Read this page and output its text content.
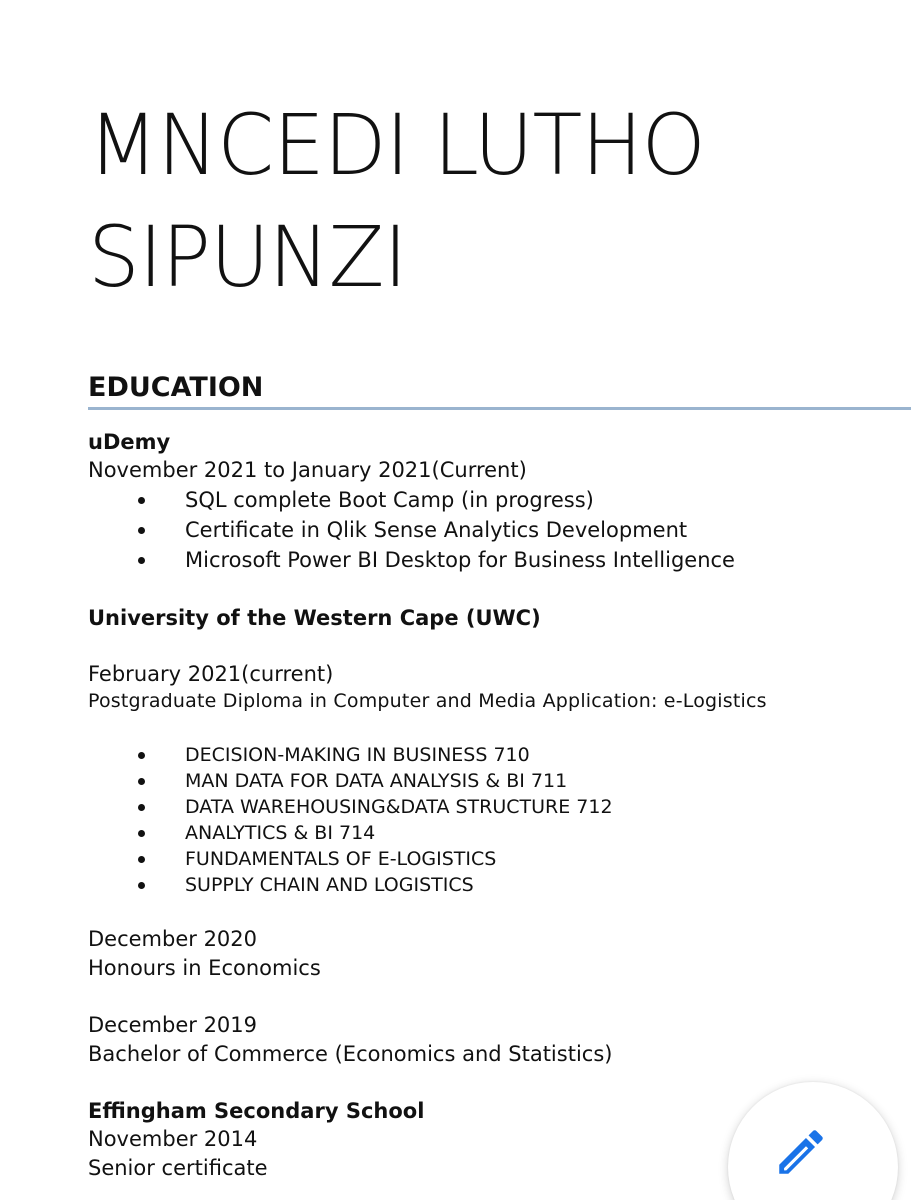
MNCEDI LUTHO
SIPUNZI
EDUCATION
uDemy
November 2021 to January 2021(Current)
SQL complete Boot Camp (in progress)
Certificate in Qlik Sense Analytics Development
Microsoft Power BI Desktop for Business Intelligence
University of the Western Cape (UWC)
February 2021(current)
Postgraduate Diploma in Computer and Media Application: e-Logistics
DECISION-MAKING IN BUSINESS 710
MAN DATA FOR DATA ANALYSIS & BI 711
DATA WAREHOUSING&DATA STRUCTURE 712
ANALYTICS & BI 714
FUNDAMENTALS OF E-LOGISTICS
SUPPLY CHAIN AND LOGISTICS
December 2020
Honours in Economics
December 2019
Bachelor of Commerce (Economics and Statistics)
Effingham Secondary School
November 2014
Senior certificate
